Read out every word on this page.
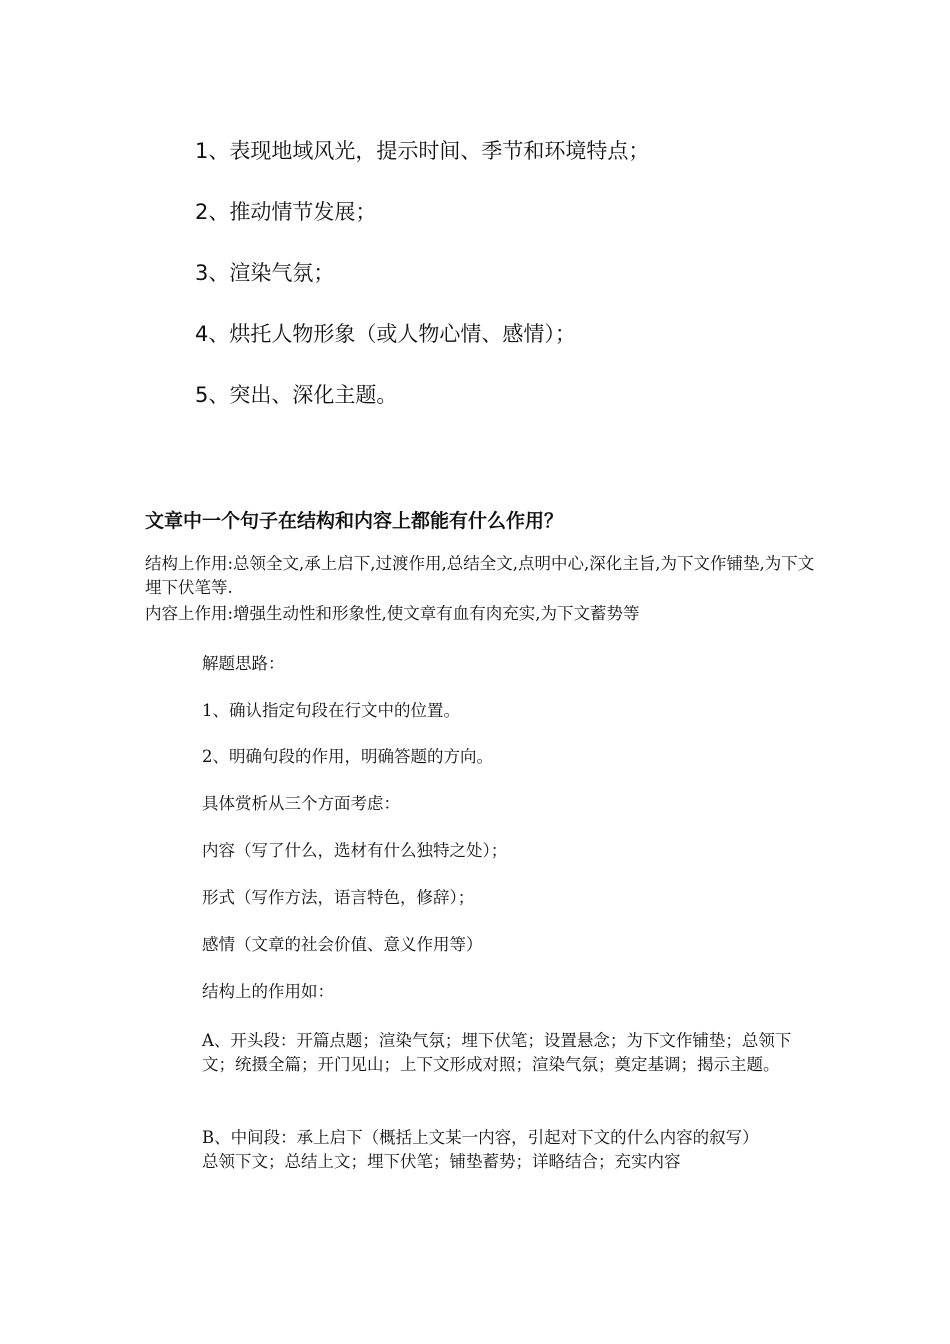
1、表现地域风光，提示时间、季节和环境特点；
2、推动情节发展；
3、渲染气氛；
4、烘托人物形象（或人物心情、感情）；
5、突出、深化主题。
文章中一个句子在结构和内容上都能有什么作用？
结构上作用:总领全文,承上启下,过渡作用,总结全文,点明中心,深化主旨,为下文作铺垫,为下文埋下伏笔等.
内容上作用:增强生动性和形象性,使文章有血有肉充实,为下文蓄势等
解题思路：
1、确认指定句段在行文中的位置。
2、明确句段的作用，明确答题的方向。
具体赏析从三个方面考虑：
内容（写了什么，选材有什么独特之处）；
形式（写作方法，语言特色，修辞）；
感情（文章的社会价值、意义作用等）
结构上的作用如：
A、开头段：开篇点题；渲染气氛；埋下伏笔；设置悬念；为下文作铺垫；总领下文；统摄全篇；开门见山；上下文形成对照；渲染气氛；奠定基调；揭示主题。
B、中间段：承上启下（概括上文某一内容，引起对下文的什么内容的叙写）
总领下文；总结上文；埋下伏笔；铺垫蓄势；详略结合；充实内容
